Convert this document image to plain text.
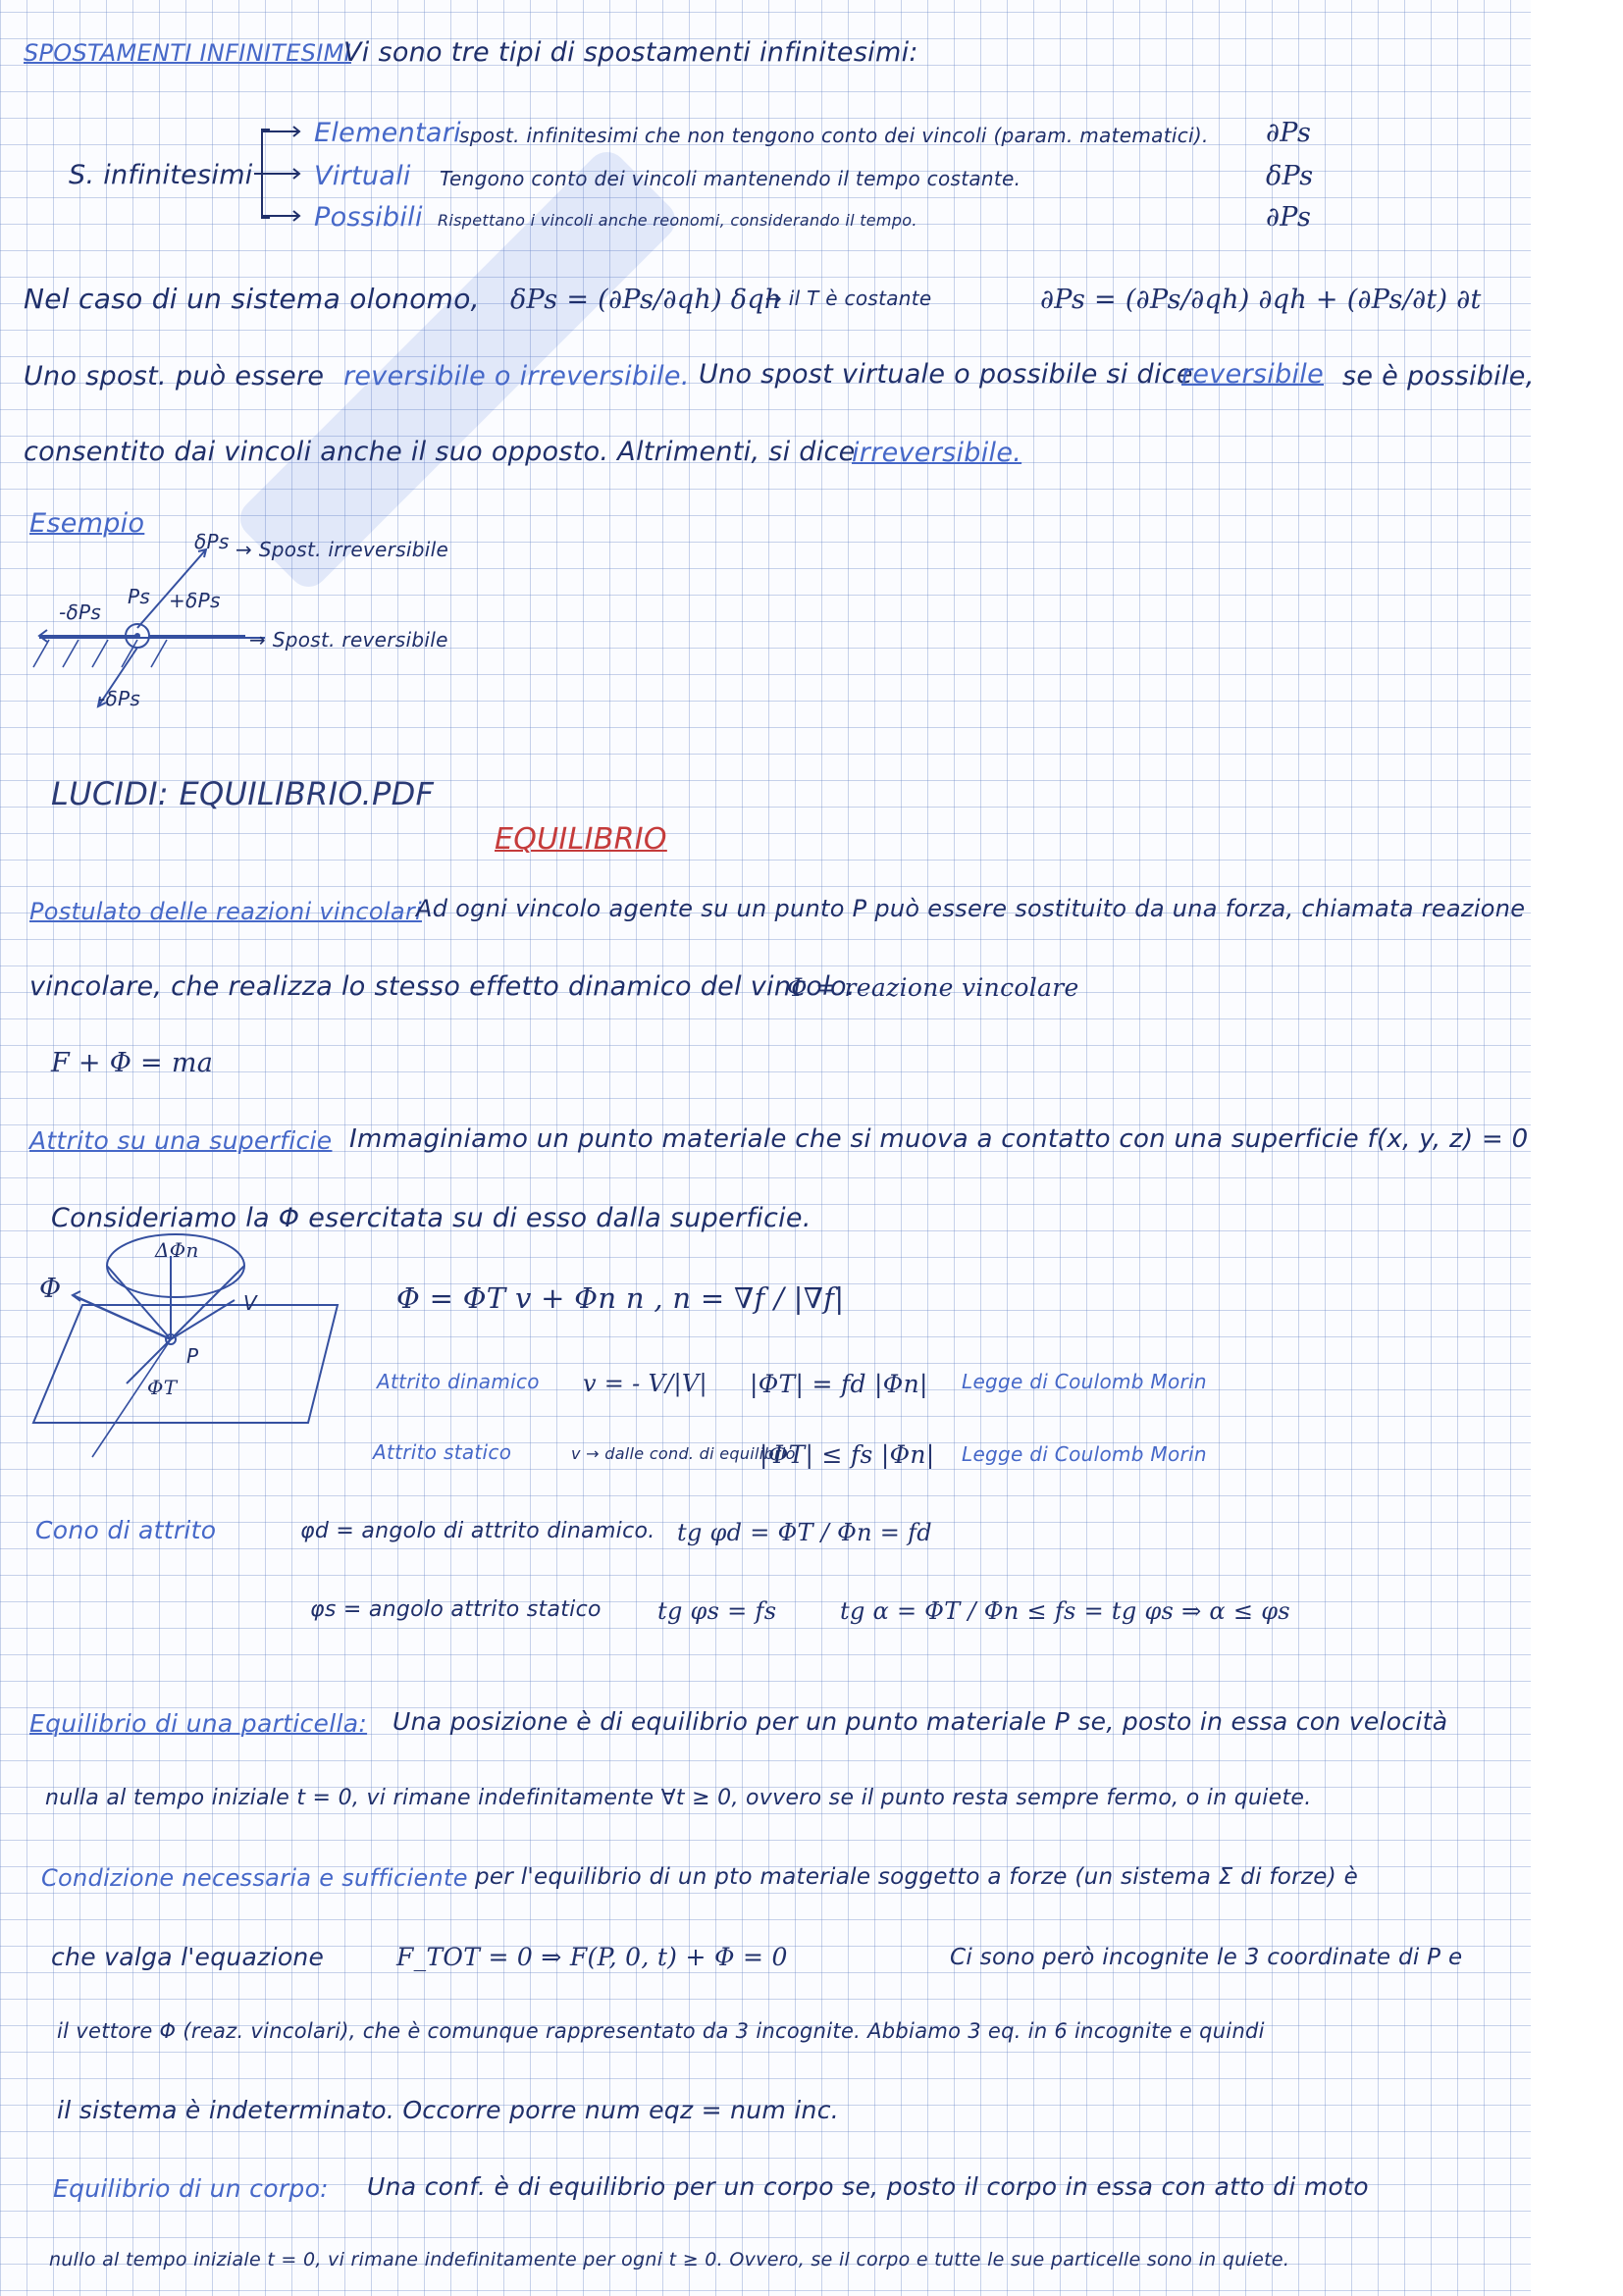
SPOSTAMENTI INFINITESIMI
Vi sono tre tipi di spostamenti infinitesimi:
S. infinitesimi
Elementari
spost. infinitesimi che non tengono conto dei vincoli (param. matematici). ∂Ps
Virtuali Tengono conto dei vincoli mantenendo il tempo costante.	δPs
Possibili Rispettano i vincoli anche reonomi, considerando il tempo.	∂Ps
Nel caso di un sistema olonomo, δPs = (∂Ps/∂qh) δqh
→ il T è costante	∂Ps = (∂Ps/∂qh) ∂qh + (∂Ps/∂t) ∂t
Uno spost. può essere reversibile o irreversibile. Uno spost virtuale o possibile si dice
reversibile se è possibile,
consentito dai vincoli anche il suo opposto. Altrimenti, si dice
irreversibile.
Esempio
δPs → Spost. irreversibile
Ps +δPs
-δPs
→ Spost. reversibile
-δPs
LUCIDI: EQUILIBRIO.PDF
EQUILIBRIO
Postulato delle reazioni vincolari
Ad ogni vincolo agente su un punto P può essere sostituito da una forza, chiamata reazione
vincolare, che realizza lo stesso effetto dinamico del vincolo.
Φ = reazione vincolare
F + Φ = ma
Attrito su una superficie Immaginiamo un punto materiale che si muova a contatto con una superficie f(x, y, z) = 0
Consideriamo la Φ esercitata su di esso dalla superficie.
Φ
ΔΦn
P
ΦT
V	Φ = ΦT v + Φn n , n = ∇f / |∇f|
Attrito dinamico v = - V/|V| |ΦT| = fd |Φn| Legge di Coulomb Morin
Attrito statico	v → dalle cond. di equilibrio
|ΦT| ≤ fs |Φn| Legge di Coulomb Morin
Cono di attrito	φd = angolo di attrito dinamico. tg φd = ΦT / Φn = fd
φs = angolo attrito statico tg φs = fs	tg α = ΦT / Φn ≤ fs = tg φs ⇒ α ≤ φs
Equilibrio di una particella: Una posizione è di equilibrio per un punto materiale P se, posto in essa con velocità
nulla al tempo iniziale t = 0, vi rimane indefinitamente ∀t ≥ 0, ovvero se il punto resta sempre fermo, o in quiete.
Condizione necessaria e sufficiente per l'equilibrio di un pto materiale soggetto a forze (un sistema Σ di forze) è
che valga l'equazione	F_TOT = 0 ⇒ F(P, 0, t) + Φ = 0	Ci sono però incognite le 3 coordinate di P e
il vettore Φ (reaz. vincolari), che è comunque rappresentato da 3 incognite. Abbiamo 3 eq. in 6 incognite e quindi
il sistema è indeterminato. Occorre porre num eqz = num inc.
Equilibrio di un corpo: Una conf. è di equilibrio per un corpo se, posto il corpo in essa con atto di moto
nullo al tempo iniziale t = 0, vi rimane indefinitamente per ogni t ≥ 0. Ovvero, se il corpo e tutte le sue particelle sono in quiete.
